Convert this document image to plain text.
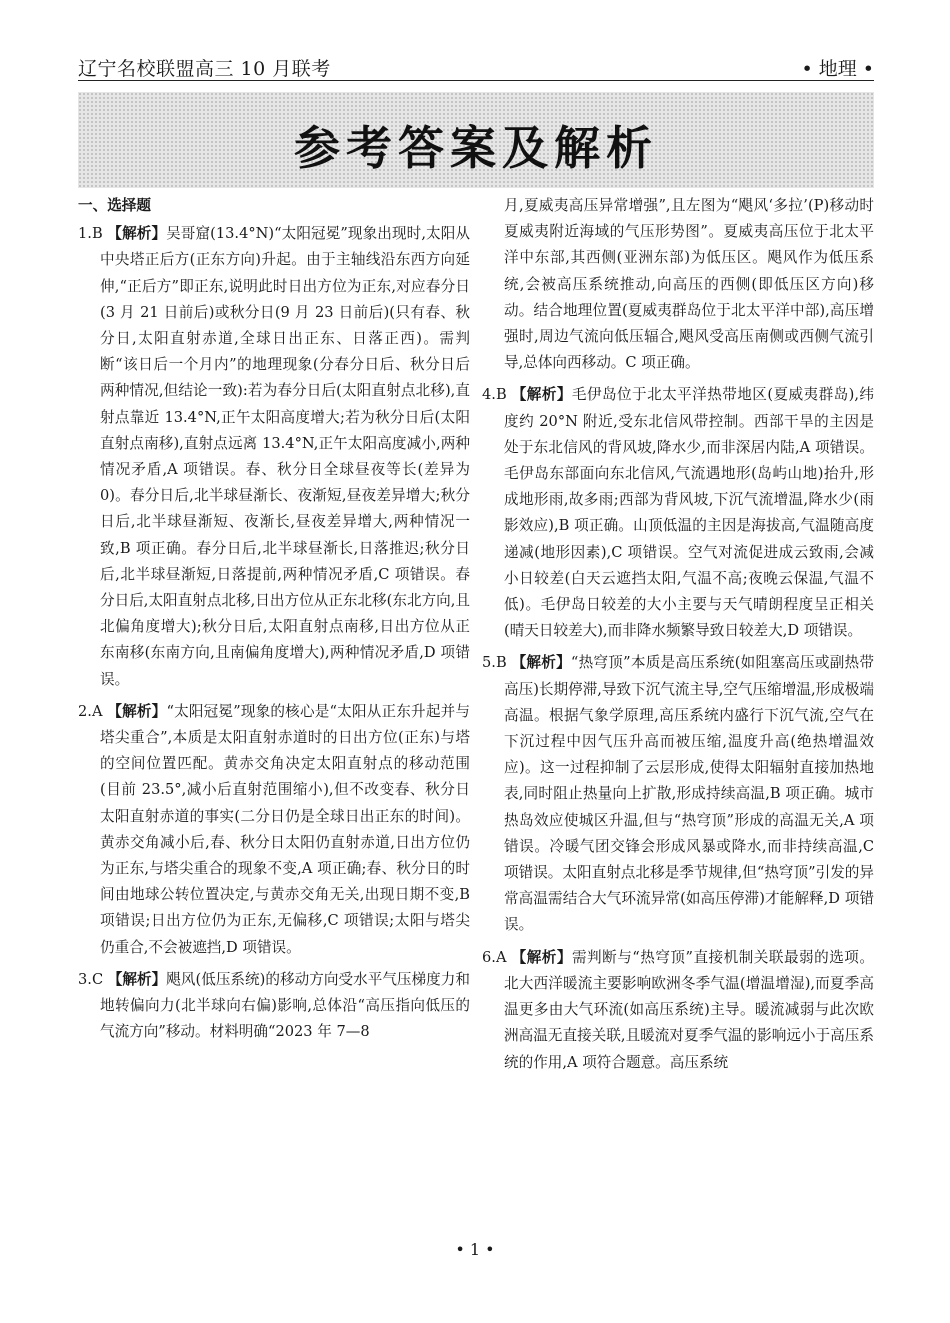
辽宁名校联盟高三 10 月联考	• 地理 •
参考答案及解析
一、选择题

1.B 【解析】吴哥窟(13.4°N)“太阳冠冕”现象出现时,太阳从中央塔正后方(正东方向)升起。由于主轴线沿东西方向延伸,“正后方”即正东,说明此时日出方位为正东,对应春分日(3 月 21 日前后)或秋分日(9 月 23 日前后)(只有春、秋分日,太阳直射赤道,全球日出正东、日落正西)。需判断“该日后一个月内”的地理现象(分春分日后、秋分日后两种情况,但结论一致):若为春分日后(太阳直射点北移),直射点靠近 13.4°N,正午太阳高度增大;若为秋分日后(太阳直射点南移),直射点远离 13.4°N,正午太阳高度减小,两种情况矛盾,A 项错误。春、秋分日全球昼夜等长(差异为 0)。春分日后,北半球昼渐长、夜渐短,昼夜差异增大;秋分日后,北半球昼渐短、夜渐长,昼夜差异增大,两种情况一致,B 项正确。春分日后,北半球昼渐长,日落推迟;秋分日后,北半球昼渐短,日落提前,两种情况矛盾,C 项错误。春分日后,太阳直射点北移,日出方位从正东北移(东北方向,且北偏角度增大);秋分日后,太阳直射点南移,日出方位从正东南移(东南方向,且南偏角度增大),两种情况矛盾,D 项错误。

2.A 【解析】“太阳冠冕”现象的核心是“太阳从正东升起并与塔尖重合”,本质是太阳直射赤道时的日出方位(正东)与塔的空间位置匹配。黄赤交角决定太阳直射点的移动范围(目前 23.5°,减小后直射范围缩小),但不改变春、秋分日太阳直射赤道的事实(二分日仍是全球日出正东的时间)。黄赤交角减小后,春、秋分日太阳仍直射赤道,日出方位仍为正东,与塔尖重合的现象不变,A 项正确;春、秋分日的时间由地球公转位置决定,与黄赤交角无关,出现日期不变,B 项错误;日出方位仍为正东,无偏移,C 项错误;太阳与塔尖仍重合,不会被遮挡,D 项错误。

3.C 【解析】飓风(低压系统)的移动方向受水平气压梯度力和地转偏向力(北半球向右偏)影响,总体沿“高压指向低压的气流方向”移动。材料明确“2023 年 7—8

月,夏威夷高压异常增强”,且左图为“飓风‘多拉’(P)移动时夏威夷附近海域的气压形势图”。夏威夷高压位于北太平洋中东部,其西侧(亚洲东部)为低压区。飓风作为低压系统,会被高压系统推动,向高压的西侧(即低压区方向)移动。结合地理位置(夏威夷群岛位于北太平洋中部),高压增强时,周边气流向低压辐合,飓风受高压南侧或西侧气流引导,总体向西移动。C 项正确。

4.B 【解析】毛伊岛位于北太平洋热带地区(夏威夷群岛),纬度约 20°N 附近,受东北信风带控制。西部干旱的主因是处于东北信风的背风坡,降水少,而非深居内陆,A 项错误。毛伊岛东部面向东北信风,气流遇地形(岛屿山地)抬升,形成地形雨,故多雨;西部为背风坡,下沉气流增温,降水少(雨影效应),B 项正确。山顶低温的主因是海拔高,气温随高度递减(地形因素),C 项错误。空气对流促进成云致雨,会减小日较差(白天云遮挡太阳,气温不高;夜晚云保温,气温不低)。毛伊岛日较差的大小主要与天气晴朗程度呈正相关(晴天日较差大),而非降水频繁导致日较差大,D 项错误。

5.B 【解析】“热穹顶”本质是高压系统(如阻塞高压或副热带高压)长期停滞,导致下沉气流主导,空气压缩增温,形成极端高温。根据气象学原理,高压系统内盛行下沉气流,空气在下沉过程中因气压升高而被压缩,温度升高(绝热增温效应)。这一过程抑制了云层形成,使得太阳辐射直接加热地表,同时阻止热量向上扩散,形成持续高温,B 项正确。城市热岛效应使城区升温,但与“热穹顶”形成的高温无关,A 项错误。冷暖气团交锋会形成风暴或降水,而非持续高温,C 项错误。太阳直射点北移是季节规律,但“热穹顶”引发的异常高温需结合大气环流异常(如高压停滞)才能解释,D 项错误。

6.A 【解析】需判断与“热穹顶”直接机制关联最弱的选项。北大西洋暖流主要影响欧洲冬季气温(增温增湿),而夏季高温更多由大气环流(如高压系统)主导。暖流减弱与此次欧洲高温无直接关联,且暖流对夏季气温的影响远小于高压系统的作用,A 项符合题意。高压系统

• 1 •
